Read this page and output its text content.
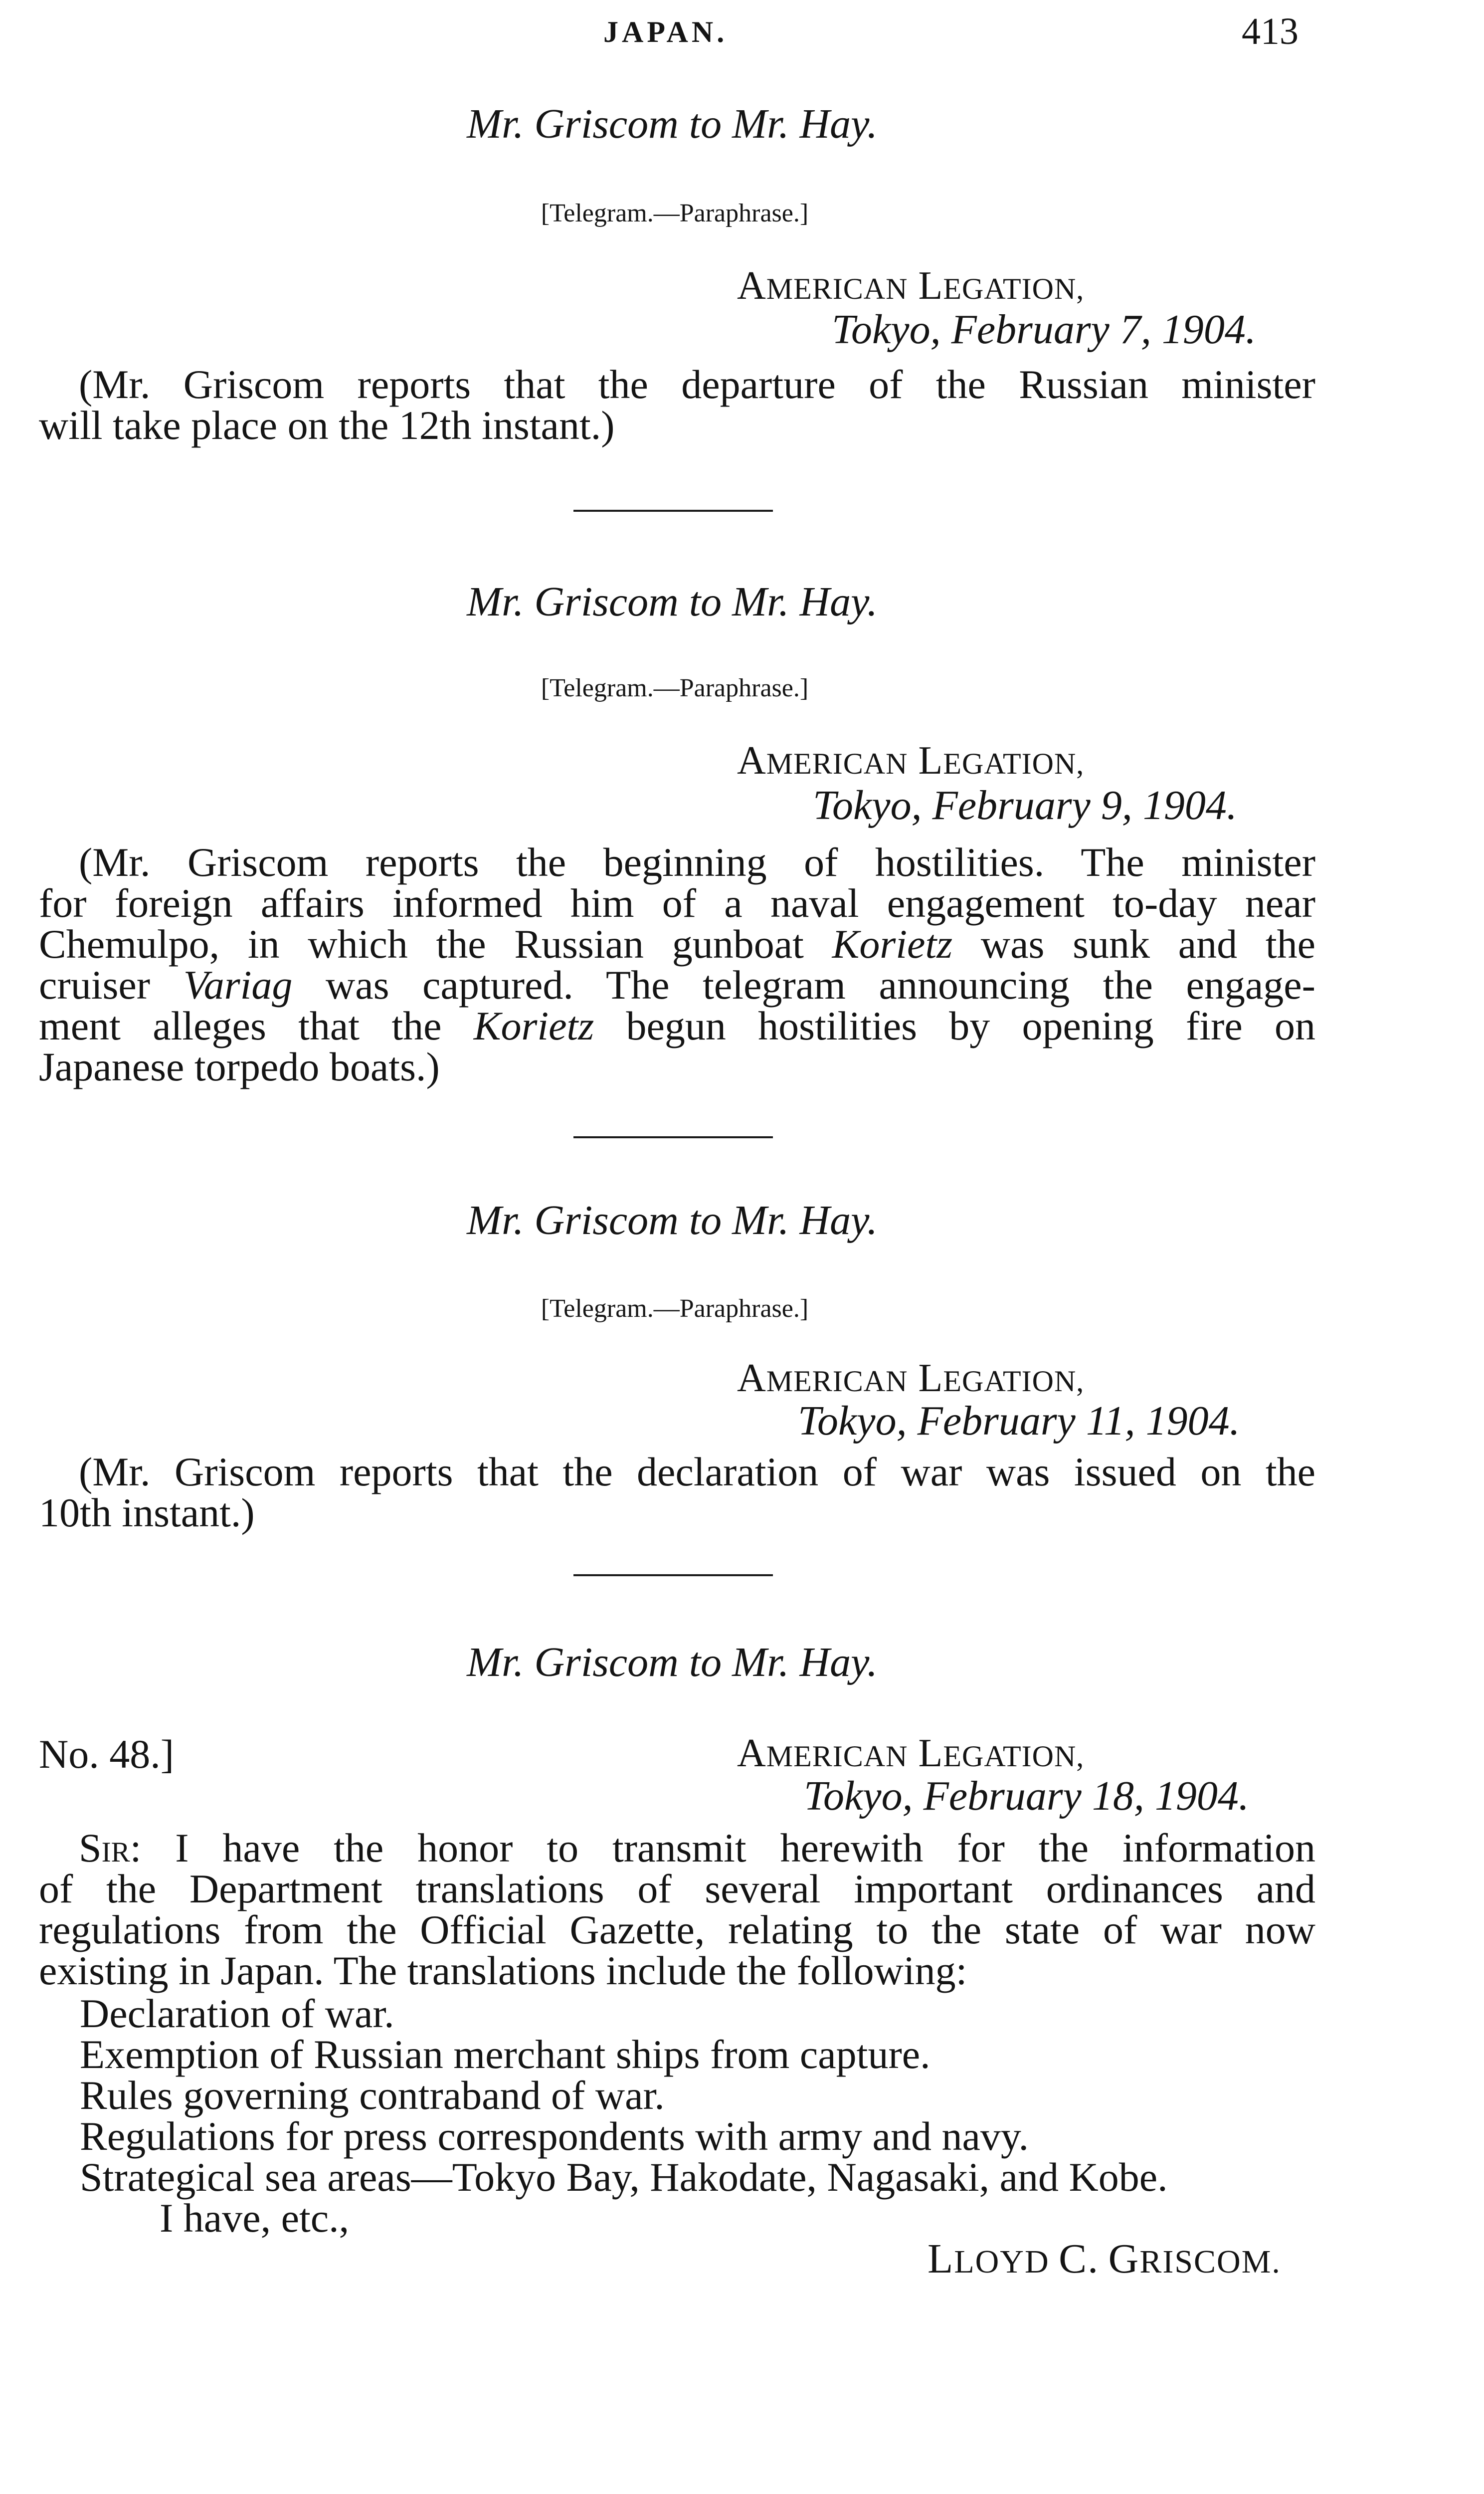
JAPAN.	413
Mr. Griscom to Mr. Hay.
[Telegram.—Paraphrase.]
AMERICAN LEGATION,
Tokyo, February 7, 1904.
(Mr. Griscom reports that the departure of the Russian minister
will take place on the 12th instant.)
Mr. Griscom to Mr. Hay.
[Telegram.—Paraphrase.]
AMERICAN LEGATION,
Tokyo, February 9, 1904.
(Mr. Griscom reports the beginning of hostilities. The minister
for foreign affairs informed him of a naval engagement to-day near
Chemulpo, in which the Russian gunboat Korietz was sunk and the
cruiser Variag was captured. The telegram announcing the engage-
ment alleges that the Korietz begun hostilities by opening fire on
Japanese torpedo boats.)
Mr. Griscom to Mr. Hay.
[Telegram.—Paraphrase.]
AMERICAN LEGATION,
Tokyo, February 11, 1904.
(Mr. Griscom reports that the declaration of war was issued on the
10th instant.)
Mr. Griscom to Mr. Hay.
No. 48.]	AMERICAN LEGATION,
Tokyo, February 18, 1904.
Sir: I have the honor to transmit herewith for the information
of the Department translations of several important ordinances and
regulations from the Official Gazette, relating to the state of war now
existing in Japan. The translations include the following:
Declaration of war.
Exemption of Russian merchant ships from capture.
Rules governing contraband of war.
Regulations for press correspondents with army and navy.
Strategical sea areas—Tokyo Bay, Hakodate, Nagasaki, and Kobe.
I have, etc.,
LLOYD C. GRISCOM.
